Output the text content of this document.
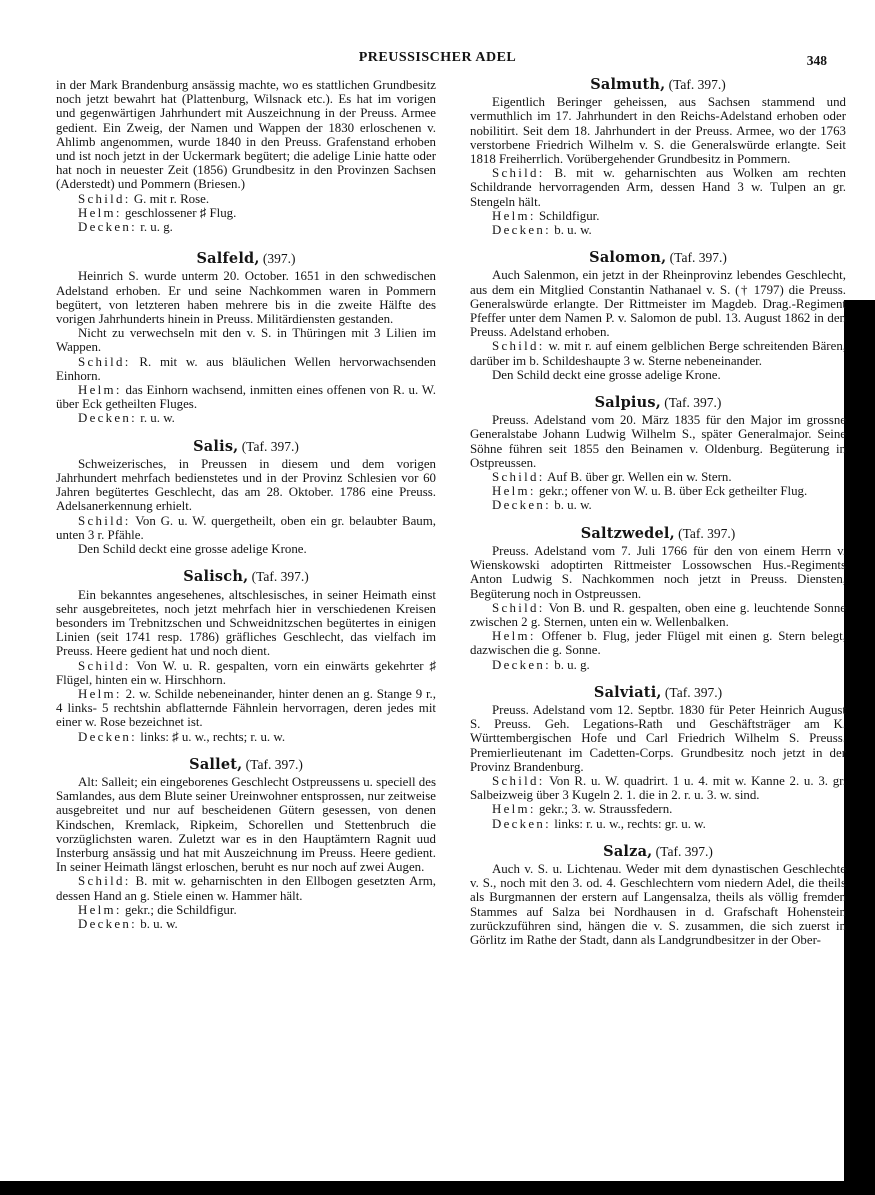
PREUSSISCHER ADEL	348

in der Mark Brandenburg ansässig machte, wo es stattlichen Grundbesitz noch jetzt bewahrt hat (Plattenburg, Wilsnack etc.). Es hat im vorigen und gegenwärtigen Jahrhundert mit Auszeichnung in der Preuss. Armee gedient. Ein Zweig, der Namen und Wappen der 1830 erloschenen v. Ahlimb angenommen, wurde 1840 in den Preuss. Grafenstand erhoben und ist noch jetzt in der Uckermark begütert; die adelige Linie hatte oder hat noch in neuester Zeit (1856) Grundbesitz in den Provinzen Sachsen (Aderstedt) und Pommern (Briesen.)

Schild: G. mit r. Rose.

Helm: geschlossener ♯ Flug.

Decken: r. u. g.

Salfeld, (397.)

Heinrich S. wurde unterm 20. October. 1651 in den schwedischen Adelstand erhoben. Er und seine Nachkommen waren in Pommern begütert, von letzteren haben mehrere bis in die zweite Hälfte des vorigen Jahrhunderts hinein in Preuss. Militärdiensten gestanden.

Nicht zu verwechseln mit den v. S. in Thüringen mit 3 Lilien im Wappen.

Schild: R. mit w. aus bläulichen Wellen hervorwachsenden Einhorn.

Helm: das Einhorn wachsend, inmitten eines offenen von R. u. W. über Eck getheilten Fluges.

Decken: r. u. w.

Salis, (Taf. 397.)

Schweizerisches, in Preussen in diesem und dem vorigen Jahrhundert mehrfach bedienstetes und in der Provinz Schlesien vor 60 Jahren begütertes Geschlecht, das am 28. Oktober. 1786 eine Preuss. Adelsanerkennung erhielt.

Schild: Von G. u. W. quergetheilt, oben ein gr. belaubter Baum, unten 3 r. Pfähle.

Den Schild deckt eine grosse adelige Krone.

Salisch, (Taf. 397.)

Ein bekanntes angesehenes, altschlesisches, in seiner Heimath einst sehr ausgebreitetes, noch jetzt mehrfach hier in verschiedenen Kreisen besonders im Trebnitzschen und Schweidnitzschen begütertes in einigen Linien (seit 1741 resp. 1786) gräfliches Geschlecht, das vielfach im Preuss. Heere gedient hat und noch dient.

Schild: Von W. u. R. gespalten, vorn ein einwärts gekehrter ♯ Flügel, hinten ein w. Hirschhorn.

Helm: 2. w. Schilde nebeneinander, hinter denen an g. Stange 9 r., 4 links- 5 rechtshin abflatternde Fähnlein hervorragen, deren jedes mit einer w. Rose bezeichnet ist.

Decken: links: ♯ u. w., rechts; r. u. w.

Sallet, (Taf. 397.)

Alt: Salleit; ein eingeborenes Geschlecht Ostpreussens u. speciell des Samlandes, aus dem Blute seiner Ureinwohner entsprossen, nur zeitweise ausgebreitet und nur auf bescheidenen Gütern gesessen, von denen Kindschen, Kremlack, Ripkeim, Schorellen und Stettenbruch die vorzüglichsten waren. Zuletzt war es in den Hauptämtern Ragnit uud Insterburg ansässig und hat mit Auszeichnung im Preuss. Heere gedient. In seiner Heimath längst erloschen, beruht es nur noch auf zwei Augen.

Schild: B. mit w. geharnischten in den Ellbogen gesetzten Arm, dessen Hand an g. Stiele einen w. Hammer hält.

Helm: gekr.; die Schildfigur.

Decken: b. u. w.

Salmuth, (Taf. 397.)

Eigentlich Beringer geheissen, aus Sachsen stammend und vermuthlich im 17. Jahrhundert in den Reichs-Adelstand erhoben oder nobilitirt. Seit dem 18. Jahrhundert in der Preuss. Armee, wo der 1763 verstorbene Friedrich Wilhelm v. S. die Generalswürde erlangte. Seit 1818 Freiherrlich. Vorübergehender Grundbesitz in Pommern.

Schild: B. mit w. geharnischten aus Wolken am rechten Schildrande hervorragenden Arm, dessen Hand 3 w. Tulpen an gr. Stengeln hält.

Helm: Schildfigur.

Decken: b. u. w.

Salomon, (Taf. 397.)

Auch Salenmon, ein jetzt in der Rheinprovinz lebendes Geschlecht, aus dem ein Mitglied Constantin Nathanael v. S. († 1797) die Preuss. Generalswürde erlangte. Der Rittmeister im Magdeb. Drag.-Regiment Pfeffer unter dem Namen P. v. Salomon de publ. 13. August 1862 in den Preuss. Adelstand erhoben.

Schild: w. mit r. auf einem gelblichen Berge schreitenden Bären, darüber im b. Schildeshaupte 3 w. Sterne nebeneinander.

Den Schild deckt eine grosse adelige Krone.

Salpius, (Taf. 397.)

Preuss. Adelstand vom 20. März 1835 für den Major im grossne Generalstabe Johann Ludwig Wilhelm S., später Generalmajor. Seine Söhne führen seit 1855 den Beinamen v. Oldenburg. Begüterung in Ostpreussen.

Schild: Auf B. über gr. Wellen ein w. Stern.

Helm: gekr.; offener von W. u. B. über Eck getheilter Flug.

Decken: b. u. w.

Saltzwedel, (Taf. 397.)

Preuss. Adelstand vom 7. Juli 1766 für den von einem Herrn v. Wienskowski adoptirten Rittmeister Lossowschen Hus.-Regiments Anton Ludwig S. Nachkommen noch jetzt in Preuss. Diensten, Begüterung noch in Ostpreussen.

Schild: Von B. und R. gespalten, oben eine g. leuchtende Sonne zwischen 2 g. Sternen, unten ein w. Wellenbalken.

Helm: Offener b. Flug, jeder Flügel mit einen g. Stern belegt, dazwischen die g. Sonne.

Decken: b. u. g.

Salviati, (Taf. 397.)

Preuss. Adelstand vom 12. Septbr. 1830 für Peter Heinrich August S. Preuss. Geh. Legations-Rath und Geschäftsträger am K. Württembergischen Hofe und Carl Friedrich Wilhelm S. Preuss. Premierlieutenant im Cadetten-Corps. Grundbesitz noch jetzt in der Provinz Brandenburg.

Schild: Von R. u. W. quadrirt. 1 u. 4. mit w. Kanne 2. u. 3. gr. Salbeizweig über 3 Kugeln 2. 1. die in 2. r. u. 3. w. sind.

Helm: gekr.; 3. w. Straussfedern.

Decken: links: r. u. w., rechts: gr. u. w.

Salza, (Taf. 397.)

Auch v. S. u. Lichtenau. Weder mit dem dynastischen Geschlechte v. S., noch mit den 3. od. 4. Geschlechtern vom niedern Adel, die theils als Burgmannen der erstern auf Langensalza, theils als völlig fremden Stammes auf Salza bei Nordhausen in d. Grafschaft Hohenstein zurückzuführen sind, hängen die v. S. zusammen, die sich zuerst in Görlitz im Rathe der Stadt, dann als Landgrundbesitzer in der Ober-
